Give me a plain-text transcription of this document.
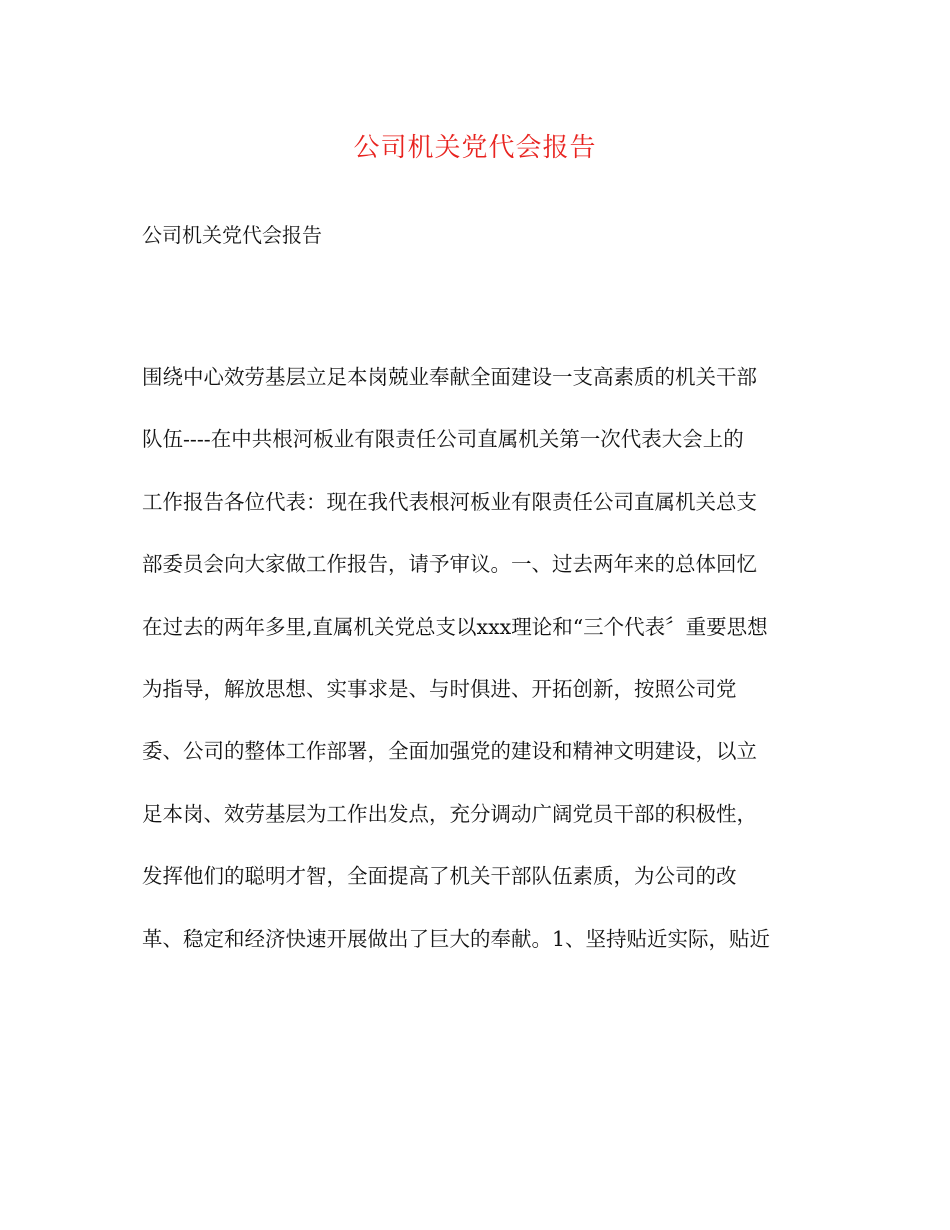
公司机关党代会报告
公司机关党代会报告
围绕中心效劳基层立足本岗兢业奉献全面建设一支高素质的机关干部
队伍----在中共根河板业有限责任公司直属机关第一次代表大会上的
工作报告各位代表：现在我代表根河板业有限责任公司直属机关总支
部委员会向大家做工作报告，请予审议。一、过去两年来的总体回忆
在过去的两年多里,直属机关党总支以xxx理论和“三个代表〞重要思想
为指导，解放思想、实事求是、与时俱进、开拓创新，按照公司党
委、公司的整体工作部署，全面加强党的建设和精神文明建设，以立
足本岗、效劳基层为工作出发点，充分调动广阔党员干部的积极性，
发挥他们的聪明才智，全面提高了机关干部队伍素质，为公司的改
革、稳定和经济快速开展做出了巨大的奉献。1、坚持贴近实际，贴近
